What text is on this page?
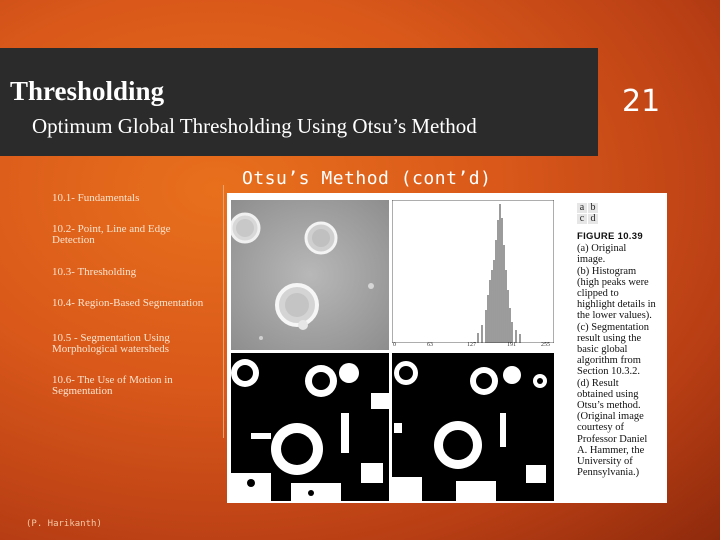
Thresholding
Optimum Global Thresholding Using Otsu’s Method
21
Otsu’s Method (cont’d)
10.1- Fundamentals
10.2- Point, Line and Edge
Detection
10.3- Thresholding
10.4- Region-Based Segmentation
10.5 - Segmentation Using
Morphological watersheds
10.6- The Use of Motion in
Segmentation
(P. Harikanth)
0	63	127	191	255
a b
c d
FIGURE 10.39
(a) Original
image.
(b) Histogram
(high peaks were
clipped to
highlight details in
the lower values).
(c) Segmentation
result using the
basic global
algorithm from
Section 10.3.2.
(d) Result
obtained using
Otsu’s method.
(Original image
courtesy of
Professor Daniel
A. Hammer, the
University of
Pennsylvania.)
